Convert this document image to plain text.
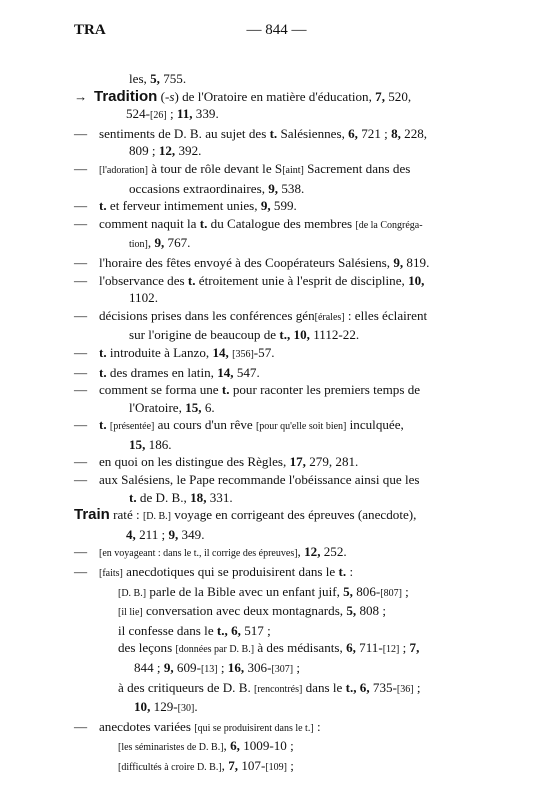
TRA	— 844 —
les, 5, 755.
→ Tradition (-s) de l'Oratoire en matière d'éducation, 7, 520,
524-[26] ; 11, 339.
— sentiments de D. B. au sujet des t. Salésiennes, 6, 721 ; 8, 228,
809 ; 12, 392.
—	[l'adoration] à tour de rôle devant le S[aint] Sacrement dans des
occasions extraordinaires, 9, 538.
— t. et ferveur intimement unies, 9, 599.
— comment naquit la t. du Catalogue des membres [de la Congréga-
tion], 9, 767.
— l'horaire des fêtes envoyé à des Coopérateurs Salésiens, 9, 819.
— l'observance des t. étroitement unie à l'esprit de discipline, 10,
1102.
— décisions prises dans les conférences gén[érales] : elles éclairent
sur l'origine de beaucoup de t., 10, 1112-22.
— t. introduite à Lanzo, 14, [356]-57.
— t. des drames en latin, 14, 547.
— comment se forma une t. pour raconter les premiers temps de
l'Oratoire, 15, 6.
— t. [présentée] au cours d'un rêve [pour qu'elle soit bien] inculquée,
15, 186.
— en quoi on les distingue des Règles, 17, 279, 281.
— aux Salésiens, le Pape recommande l'obéissance ainsi que les
t. de D. B., 18, 331.
Train raté : [D. B.] voyage en corrigeant des épreuves (anecdote),
4, 211 ; 9, 349.
—	[en voyageant : dans le t., il corrige des épreuves], 12, 252.
—	[faits] anecdotiques qui se produisirent dans le t. :
[D. B.] parle de la Bible avec un enfant juif, 5, 806-[807] ;
[il lie] conversation avec deux montagnards, 5, 808 ;
il confesse dans le t., 6, 517 ;
des leçons [données par D. B.] à des médisants, 6, 711-[12] ; 7,
844 ; 9, 609-[13] ; 16, 306-[307] ;
à des critiqueurs de D. B. [rencontrés] dans le t., 6, 735-[36] ;
10, 129-[30].
— anecdotes variées [qui se produisirent dans le t.] :
[les séminaristes de D. B.], 6, 1009-10 ;
[difficultés à croire D. B.], 7, 107-[109] ;
